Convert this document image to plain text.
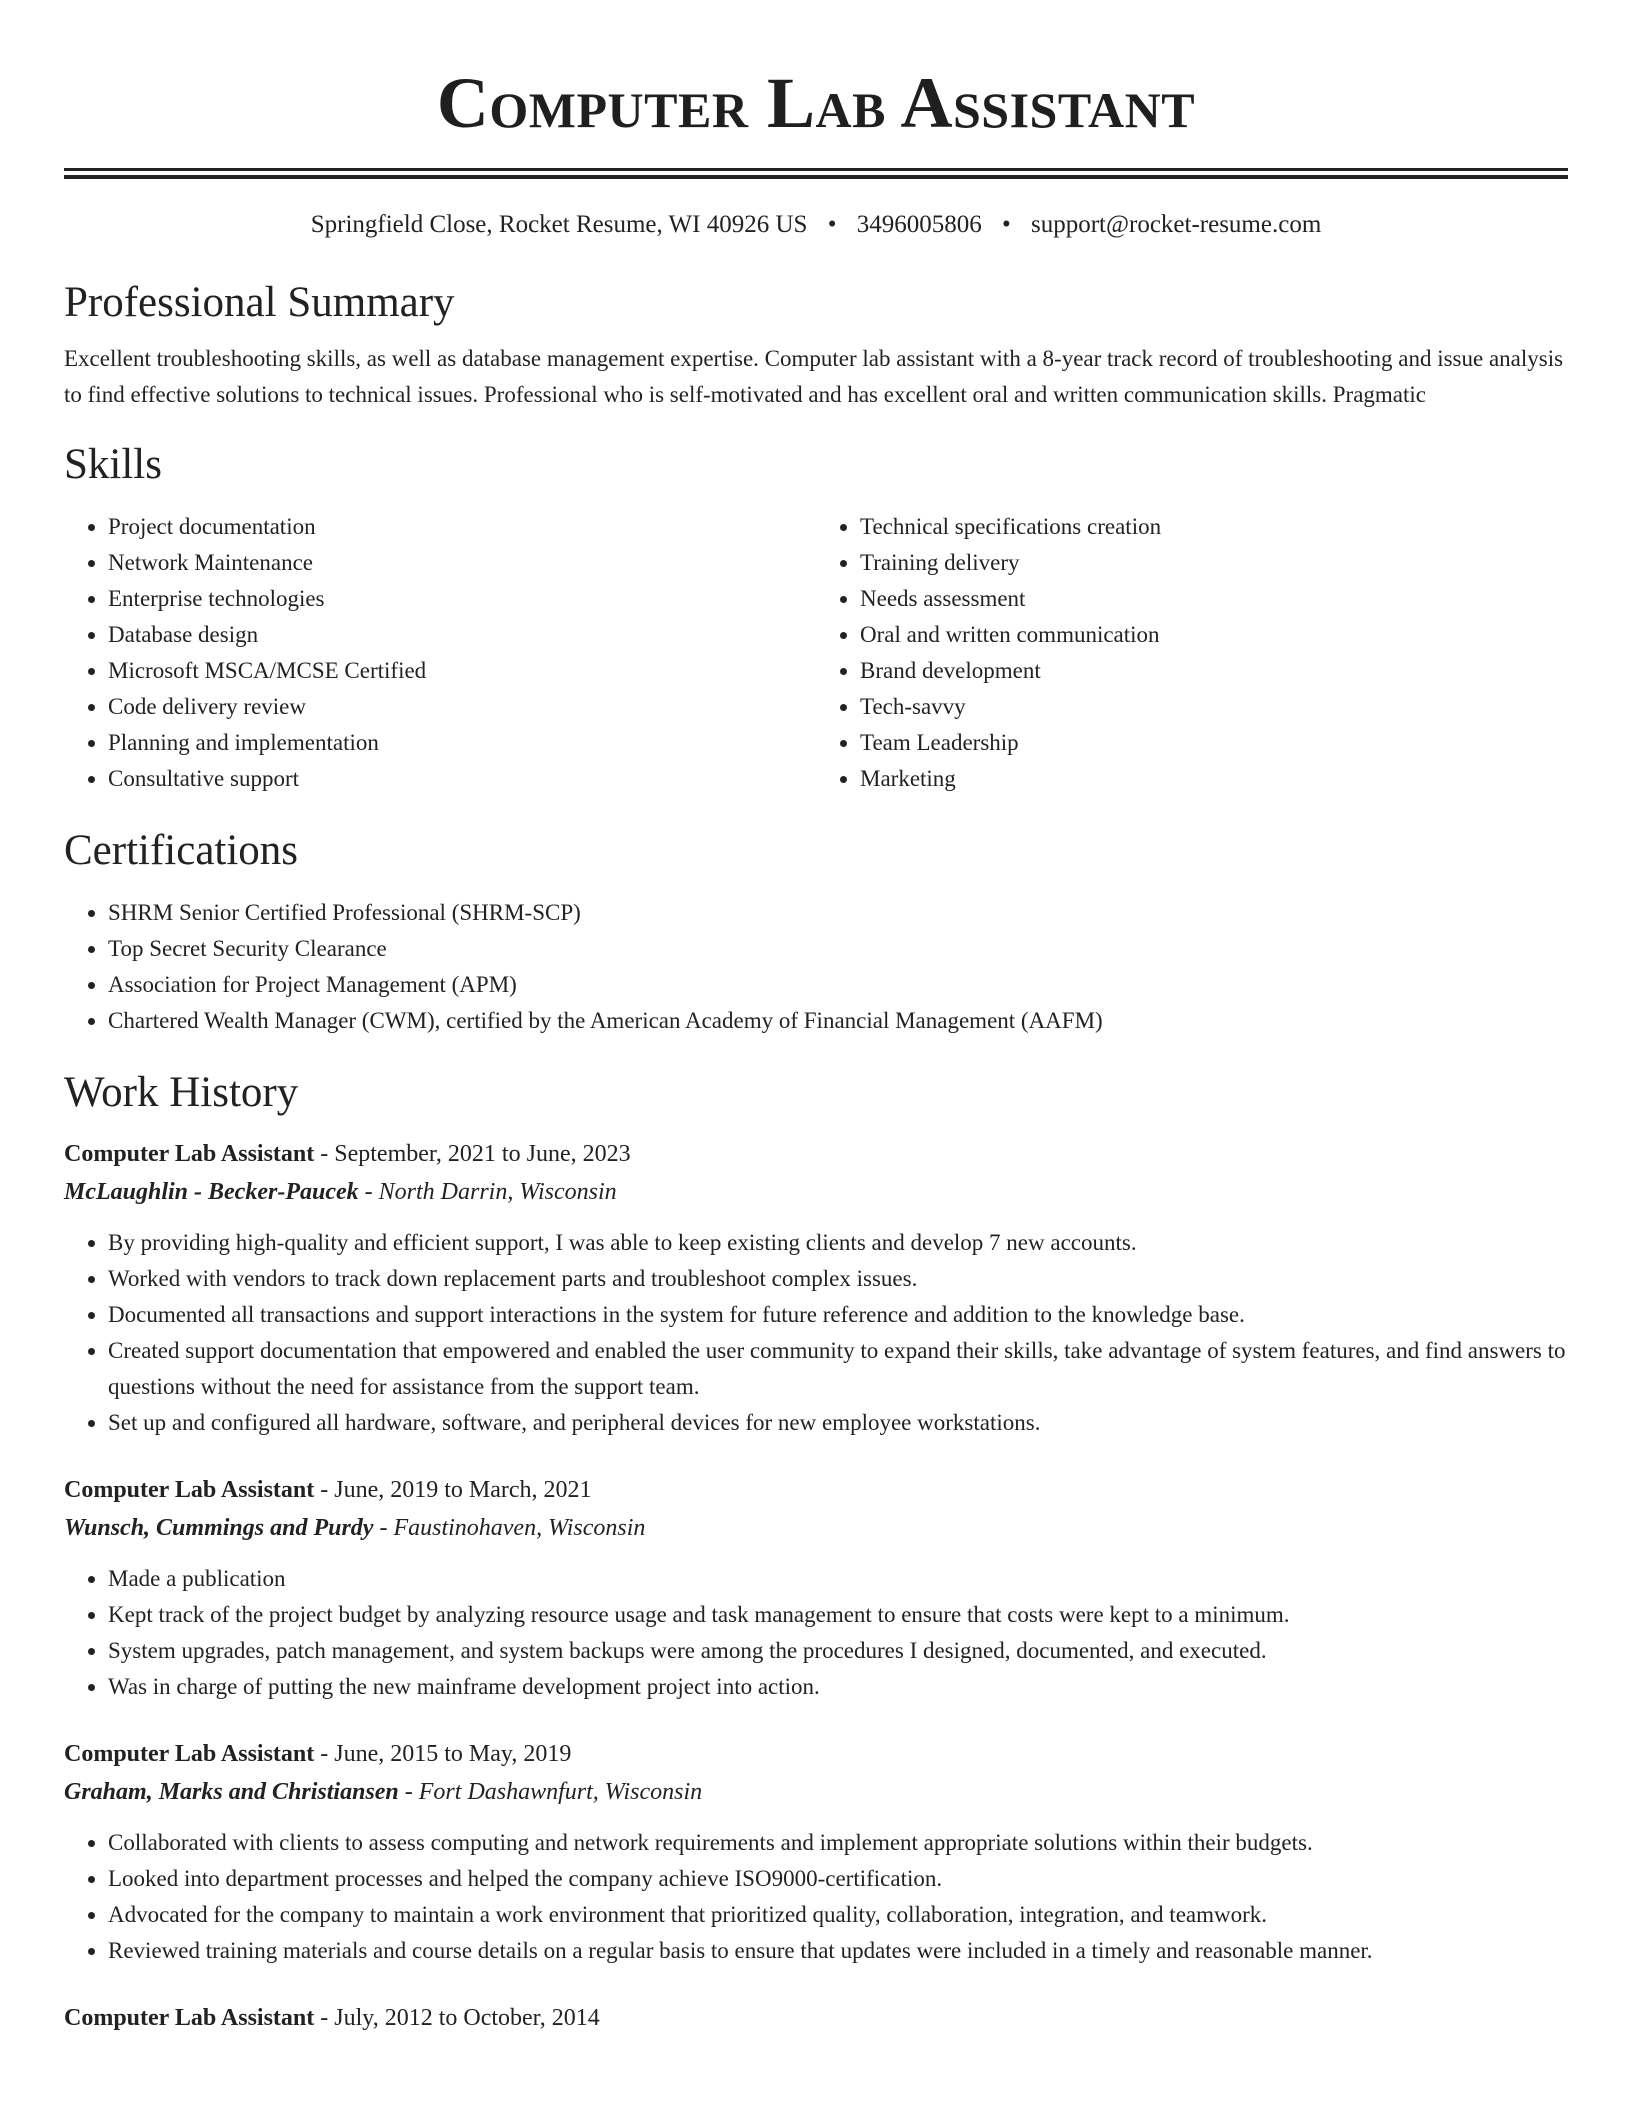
Computer Lab Assistant
Springfield Close, Rocket Resume, WI 40926 US • 3496005806 • support@rocket-resume.com
Professional Summary
Excellent troubleshooting skills, as well as database management expertise. Computer lab assistant with a 8-year track record of troubleshooting and issue analysis to find effective solutions to technical issues. Professional who is self-motivated and has excellent oral and written communication skills. Pragmatic
Skills
• Project documentation
• Network Maintenance
• Enterprise technologies
• Database design
• Microsoft MSCA/MCSE Certified
• Code delivery review
• Planning and implementation
• Consultative support
• Technical specifications creation
• Training delivery
• Needs assessment
• Oral and written communication
• Brand development
• Tech-savvy
• Team Leadership
• Marketing
Certifications
• SHRM Senior Certified Professional (SHRM-SCP)
• Top Secret Security Clearance
• Association for Project Management (APM)
• Chartered Wealth Manager (CWM), certified by the American Academy of Financial Management (AAFM)
Work History
Computer Lab Assistant - September, 2021 to June, 2023
McLaughlin - Becker-Paucek - North Darrin, Wisconsin
• By providing high-quality and efficient support, I was able to keep existing clients and develop 7 new accounts.
• Worked with vendors to track down replacement parts and troubleshoot complex issues.
• Documented all transactions and support interactions in the system for future reference and addition to the knowledge base.
• Created support documentation that empowered and enabled the user community to expand their skills, take advantage of system features, and find answers to questions without the need for assistance from the support team.
• Set up and configured all hardware, software, and peripheral devices for new employee workstations.
Computer Lab Assistant - June, 2019 to March, 2021
Wunsch, Cummings and Purdy - Faustinohaven, Wisconsin
• Made a publication
• Kept track of the project budget by analyzing resource usage and task management to ensure that costs were kept to a minimum.
• System upgrades, patch management, and system backups were among the procedures I designed, documented, and executed.
• Was in charge of putting the new mainframe development project into action.
Computer Lab Assistant - June, 2015 to May, 2019
Graham, Marks and Christiansen - Fort Dashawnfurt, Wisconsin
• Collaborated with clients to assess computing and network requirements and implement appropriate solutions within their budgets.
• Looked into department processes and helped the company achieve ISO9000-certification.
• Advocated for the company to maintain a work environment that prioritized quality, collaboration, integration, and teamwork.
• Reviewed training materials and course details on a regular basis to ensure that updates were included in a timely and reasonable manner.
Computer Lab Assistant - July, 2012 to October, 2014
